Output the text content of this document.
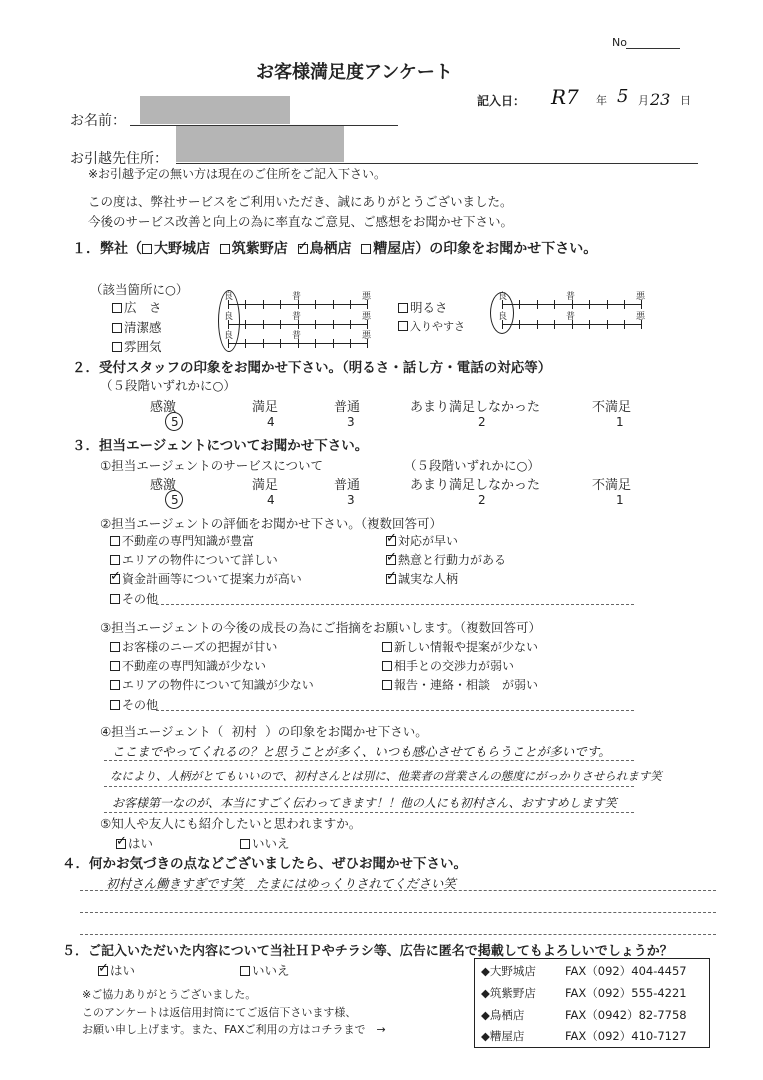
No
お客様満足度アンケート
記入日： R7 年 5 月 23 日
お名前：
お引越先住所：
※お引越予定の無い方は現在のご住所をご記入下さい。
この度は、弊社サービスをご利用いただき、誠にありがとうございました。
今後のサービス改善と向上の為に率直なご意見、ご感想をお聞かせ下さい。
１．弊社（ 大野城店 筑紫野店 ✓ 鳥栖店 糟屋店）の印象をお聞かせ下さい。
（該当箇所に○）
広　さ
清潔感
雰囲気
良	普	悪
良	普	悪
良	普	悪
明るさ
入りやすさ
良	普	悪
良	普	悪
２．受付スタッフの印象をお聞かせ下さい。（明るさ・話し方・電話の対応等）
（５段階いずれかに○）
感激	満足	普通	あまり満足しなかった	不満足
5	4	3	2	1
３．担当エージェントについてお聞かせ下さい。
①担当エージェントのサービスについて	（５段階いずれかに○）
感激	満足	普通	あまり満足しなかった	不満足
5	4	3	2	1
②担当エージェントの評価をお聞かせ下さい。（複数回答可）
不動産の専門知識が豊富
エリアの物件について詳しい
✓資金計画等について提案力が高い
その他
✓対応が早い
✓熱意と行動力がある
✓誠実な人柄
③担当エージェントの今後の成長の為にご指摘をお願いします。（複数回答可）
お客様のニーズの把握が甘い
不動産の専門知識が少ない
エリアの物件について知識が少ない
その他
新しい情報や提案が少ない
相手との交渉力が弱い
報告・連絡・相談　が弱い
④担当エージェント（ 初村 ）の印象をお聞かせ下さい。
ここまでやってくれるの？と思うことが多く、いつも感心させてもらうことが多いです。
なにより、人柄がとてもいいので、初村さんとは別に、他業者の営業さんの態度にがっかりさせられます笑
お客様第一なのが、本当にすごく伝わってきます！！他の人にも初村さん、おすすめします笑
⑤知人や友人にも紹介したいと思われますか。
✓はい	いいえ
４．何かお気づきの点などございましたら、ぜひお聞かせ下さい。
初村さん働きすぎです笑　たまにはゆっくりされてください笑
５．ご記入いただいた内容について当社ＨＰやチラシ等、広告に匿名で掲載してもよろしいでしょうか？
✓はい	いいえ
※ご協力ありがとうございました。
このアンケートは返信用封筒にてご返信下さいます様、
お願い申し上げます。また、FAXご利用の方はコチラまで　→
◆大野城店	FAX（092）404-4457
◆筑紫野店	FAX（092）555-4221
◆鳥栖店	FAX（0942）82-7758
◆糟屋店	FAX（092）410-7127
